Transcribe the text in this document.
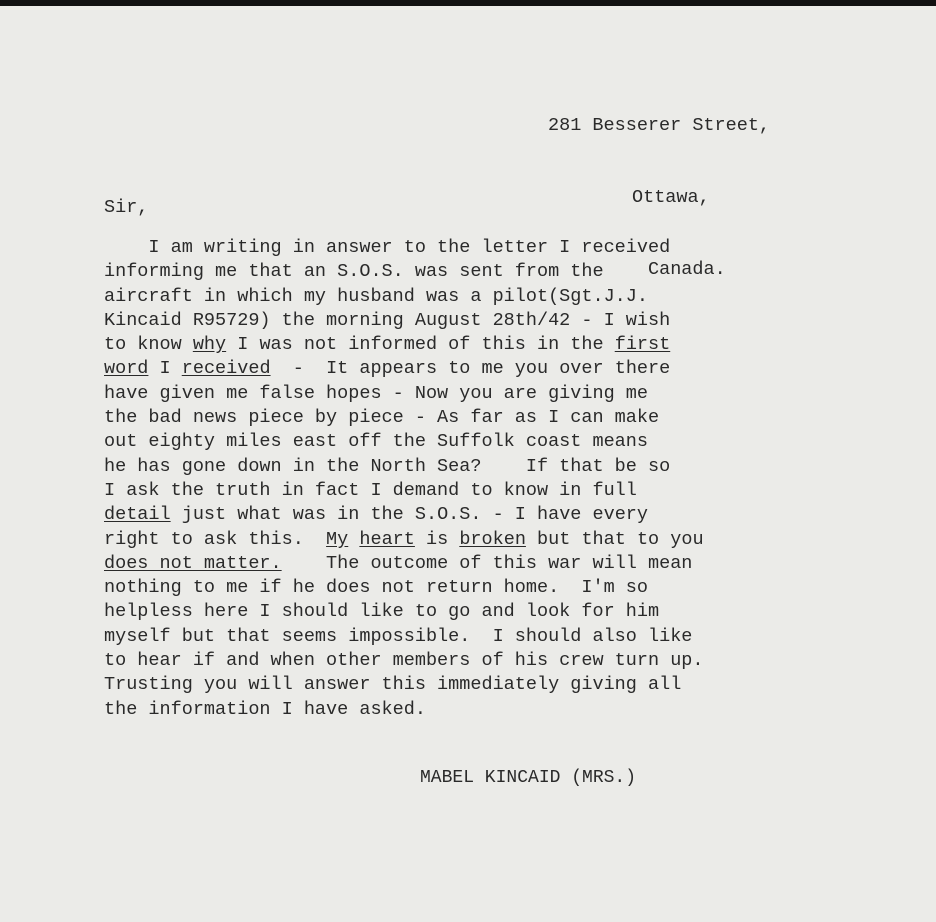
281 Besserer Street,

Ottawa,

Canada.

Sir,
I am writing in answer to the letter I received
informing me that an S.O.S. was sent from the
aircraft in which my husband was a pilot(Sgt.J.J.
Kincaid R95729) the morning August 28th/42 - I wish
to know why I was not informed of this in the first
word I received  -  It appears to me you over there
have given me false hopes - Now you are giving me
the bad news piece by piece - As far as I can make
out eighty miles east off the Suffolk coast means
he has gone down in the North Sea?    If that be so
I ask the truth in fact I demand to know in full
detail just what was in the S.O.S. - I have every
right to ask this.  My heart is broken but that to you
does not matter.    The outcome of this war will mean
nothing to me if he does not return home.  I'm so
helpless here I should like to go and look for him
myself but that seems impossible.  I should also like
to hear if and when other members of his crew turn up.
Trusting you will answer this immediately giving all
the information I have asked.
MABEL KINCAID (MRS.)
